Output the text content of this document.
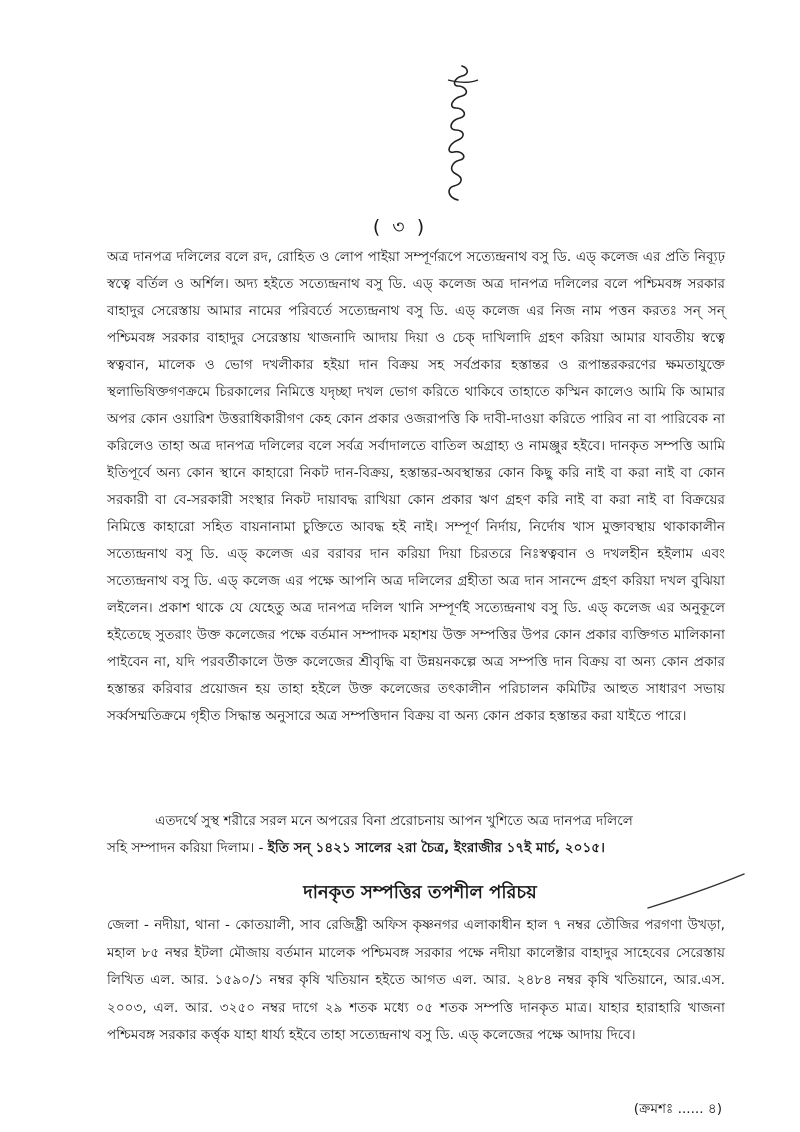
( ৩ )

অত্র দানপত্র দলিলের বলে রদ, রোহিত ও লোপ পাইয়া সম্পূর্ণরূপে সত্যেন্দ্রনাথ বসু ডি. এড্ কলেজ এর প্রতি নিব্যূঢ় স্বত্বে বর্তিল ও অর্শিল। অদ্য হইতে সত্যেন্দ্রনাথ বসু ডি. এড্ কলেজ অত্র দানপত্র দলিলের বলে পশ্চিমবঙ্গ সরকার বাহাদুর সেরেস্তায় আমার নামের পরিবর্তে সত্যেন্দ্রনাথ বসু ডি. এড্ কলেজ এর নিজ নাম পত্তন করতঃ সন্ সন্ পশ্চিমবঙ্গ সরকার বাহাদুর সেরেস্তায় খাজনাদি আদায় দিয়া ও চেক্ দাখিলাদি গ্রহণ করিয়া আমার যাবতীয় স্বত্বে স্বত্ববান, মালেক ও ভোগ দখলীকার হইয়া দান বিক্রয় সহ সর্বপ্রকার হস্তান্তর ও রূপান্তরকরণের ক্ষমতাযুক্তে স্থলাভিষিক্তগণক্রমে চিরকালের নিমিত্তে যদৃচ্ছা দখল ভোগ করিতে থাকিবে তাহাতে কস্মিন কালেও আমি কি আমার অপর কোন ওয়ারিশ উত্তরাধিকারীগণ কেহ কোন প্রকার ওজরাপত্তি কি দাবী-দাওয়া করিতে পারিব না বা পারিবেক না করিলেও তাহা অত্র দানপত্র দলিলের বলে সর্বত্র সর্বাদালতে বাতিল অগ্রাহ্য ও নামঞ্জুর হইবে। দানকৃত সম্পত্তি আমি ইতিপূর্বে অন্য কোন স্থানে কাহারো নিকট দান-বিক্রয়, হস্তান্তর-অবস্থান্তর কোন কিছু করি নাই বা করা নাই বা কোন সরকারী বা বে-সরকারী সংস্থার নিকট দায়াবদ্ধ রাখিয়া কোন প্রকার ঋণ গ্রহণ করি নাই বা করা নাই বা বিক্রয়ের নিমিত্তে কাহারো সহিত বায়নানামা চুক্তিতে আবদ্ধ হই নাই। সম্পূর্ণ নির্দায়, নির্দোষ খাস মুক্তাবস্থায় থাকাকালীন সত্যেন্দ্রনাথ বসু ডি. এড্ কলেজ এর বরাবর দান করিয়া দিয়া চিরতরে নিঃস্বত্ববান ও দখলহীন হইলাম এবং সত্যেন্দ্রনাথ বসু ডি. এড্ কলেজ এর পক্ষে আপনি অত্র দলিলের গ্রহীতা অত্র দান সানন্দে গ্রহণ করিয়া দখল বুঝিয়া লইলেন। প্রকাশ থাকে যে যেহেতু অত্র দানপত্র দলিল খানি সম্পূর্ণই সত্যেন্দ্রনাথ বসু ডি. এড্ কলেজ এর অনুকূলে হইতেছে সুতরাং উক্ত কলেজের পক্ষে বর্তমান সম্পাদক মহাশয় উক্ত সম্পত্তির উপর কোন প্রকার ব্যক্তিগত মালিকানা পাইবেন না, যদি পরবর্তীকালে উক্ত কলেজের শ্রীবৃদ্ধি বা উন্নয়নকল্পে অত্র সম্পত্তি দান বিক্রয় বা অন্য কোন প্রকার হস্তান্তর করিবার প্রয়োজন হয় তাহা হইলে উক্ত কলেজের তৎকালীন পরিচালন কমিটির আহুত সাধারণ সভায় সর্ব্বসম্মতিক্রমে গৃহীত সিদ্ধান্ত অনুসারে অত্র সম্পত্তিদান বিক্রয় বা অন্য কোন প্রকার হস্তান্তর করা যাইতে পারে।

এতদর্থে সুস্থ শরীরে সরল মনে অপরের বিনা প্ররোচনায় আপন খুশিতে অত্র দানপত্র দলিলে
সহি সম্পাদন করিয়া দিলাম। - ইতি সন্ ১৪২১ সালের ২রা চৈত্র, ইংরাজীর ১৭ই মার্চ, ২০১৫।
দানকৃত সম্পত্তির তপশীল পরিচয়
জেলা - নদীয়া, থানা - কোতয়ালী, সাব রেজিষ্ট্রী অফিস কৃষ্ণনগর এলাকাধীন হাল ৭ নম্বর তৌজির পরগণা উখড়া, মহাল ৮৫ নম্বর ইটলা মৌজায় বর্তমান মালেক পশ্চিমবঙ্গ সরকার পক্ষে নদীয়া কালেক্টার বাহাদুর সাহেবের সেরেস্তায় লিখিত এল. আর. ১৫৯০/১ নম্বর কৃষি খতিয়ান হইতে আগত এল. আর. ২৪৮৪ নম্বর কৃষি খতিয়ানে, আর.এস. ২০০৩, এল. আর. ৩২৫০ নম্বর দাগে ২৯ শতক মধ্যে ০৫ শতক সম্পত্তি দানকৃত মাত্র। যাহার হারাহারি খাজনা পশ্চিমবঙ্গ সরকার কর্ত্তৃক যাহা ধার্য্য হইবে তাহা সত্যেন্দ্রনাথ বসু ডি. এড্ কলেজের পক্ষে আদায় দিবে।
(ক্রমশঃ ...... ৪)
